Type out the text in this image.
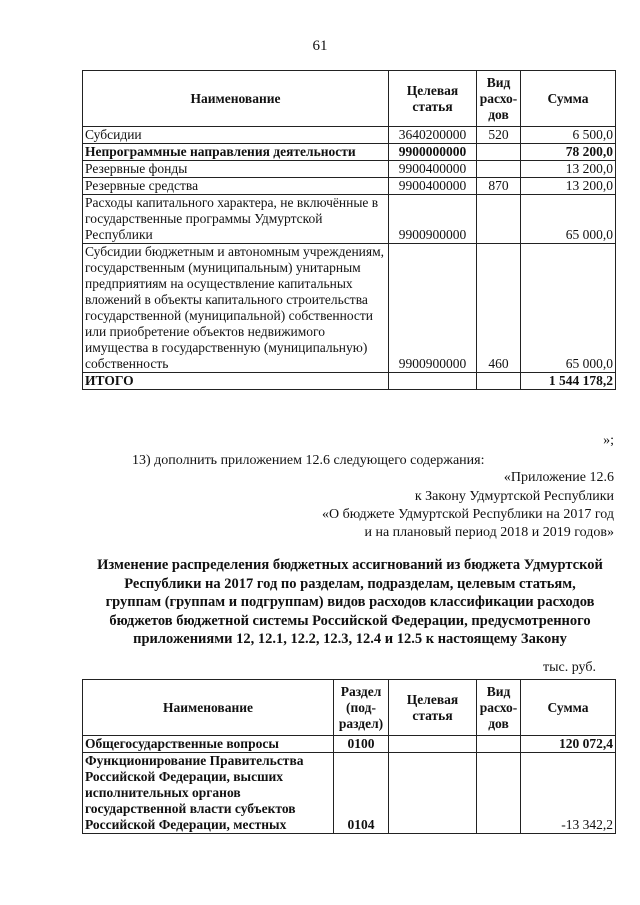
61
Наименование	Целевая статья	Вид расхо-дов	Сумма
Субсидии	3640200000	520	6 500,0
Непрограммные направления деятельности	9900000000		78 200,0
Резервные фонды	9900400000		13 200,0
Резервные средства	9900400000	870	13 200,0
Расходы капитального характера, не включённые в государственные программы Удмуртской Республики	9900900000		65 000,0
Субсидии бюджетным и автономным учреждениям, государственным (муниципальным) унитарным предприятиям на осуществление капитальных вложений в объекты капитального строительства государственной (муниципальной) собственности или приобретение объектов недвижимого имущества в государственную (муниципальную) собственность	9900900000	460	65 000,0
ИТОГО			1 544 178,2
»;
13) дополнить приложением 12.6 следующего содержания:
«Приложение 12.6
к Закону Удмуртской Республики
«О бюджете Удмуртской Республики на 2017 год
и на плановый период 2018 и 2019 годов»
Изменение распределения бюджетных ассигнований из бюджета Удмуртской
Республики на 2017 год по разделам, подразделам, целевым статьям,
группам (группам и подгруппам) видов расходов классификации расходов
бюджетов бюджетной системы Российской Федерации, предусмотренного
приложениями 12, 12.1, 12.2, 12.3, 12.4 и 12.5 к настоящему Закону
тыс. руб.
Наименование	Раздел (под-раздел)	Целевая статья	Вид расхо-дов	Сумма
Общегосударственные вопросы	0100			120 072,4
Функционирование Правительства Российской Федерации, высших исполнительных органов государственной власти субъектов Российской Федерации, местных	0104			-13 342,2
